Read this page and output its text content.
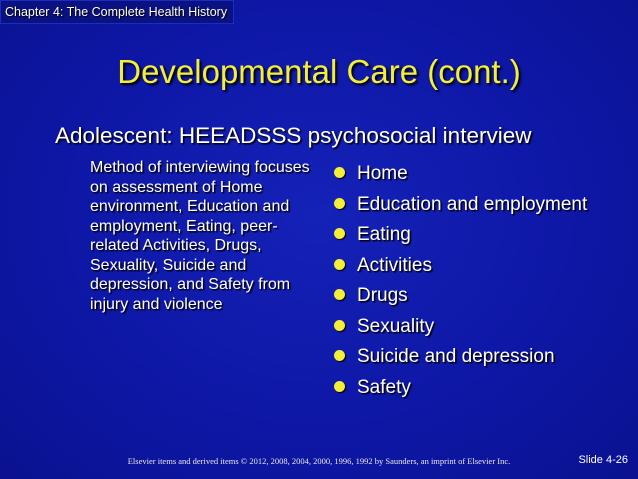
Chapter 4: The Complete Health History
Developmental Care (cont.)
Adolescent: HEEADSSS psychosocial interview
Method of interviewing focuses on assessment of Home environment, Education and employment, Eating, peer-related Activities, Drugs, Sexuality, Suicide and depression, and Safety from injury and violence
Home
Education and employment
Eating
Activities
Drugs
Sexuality
Suicide and depression
Safety
Elsevier items and derived items © 2012, 2008, 2004, 2000, 1996, 1992 by Saunders, an imprint of Elsevier Inc.	Slide 4-26
